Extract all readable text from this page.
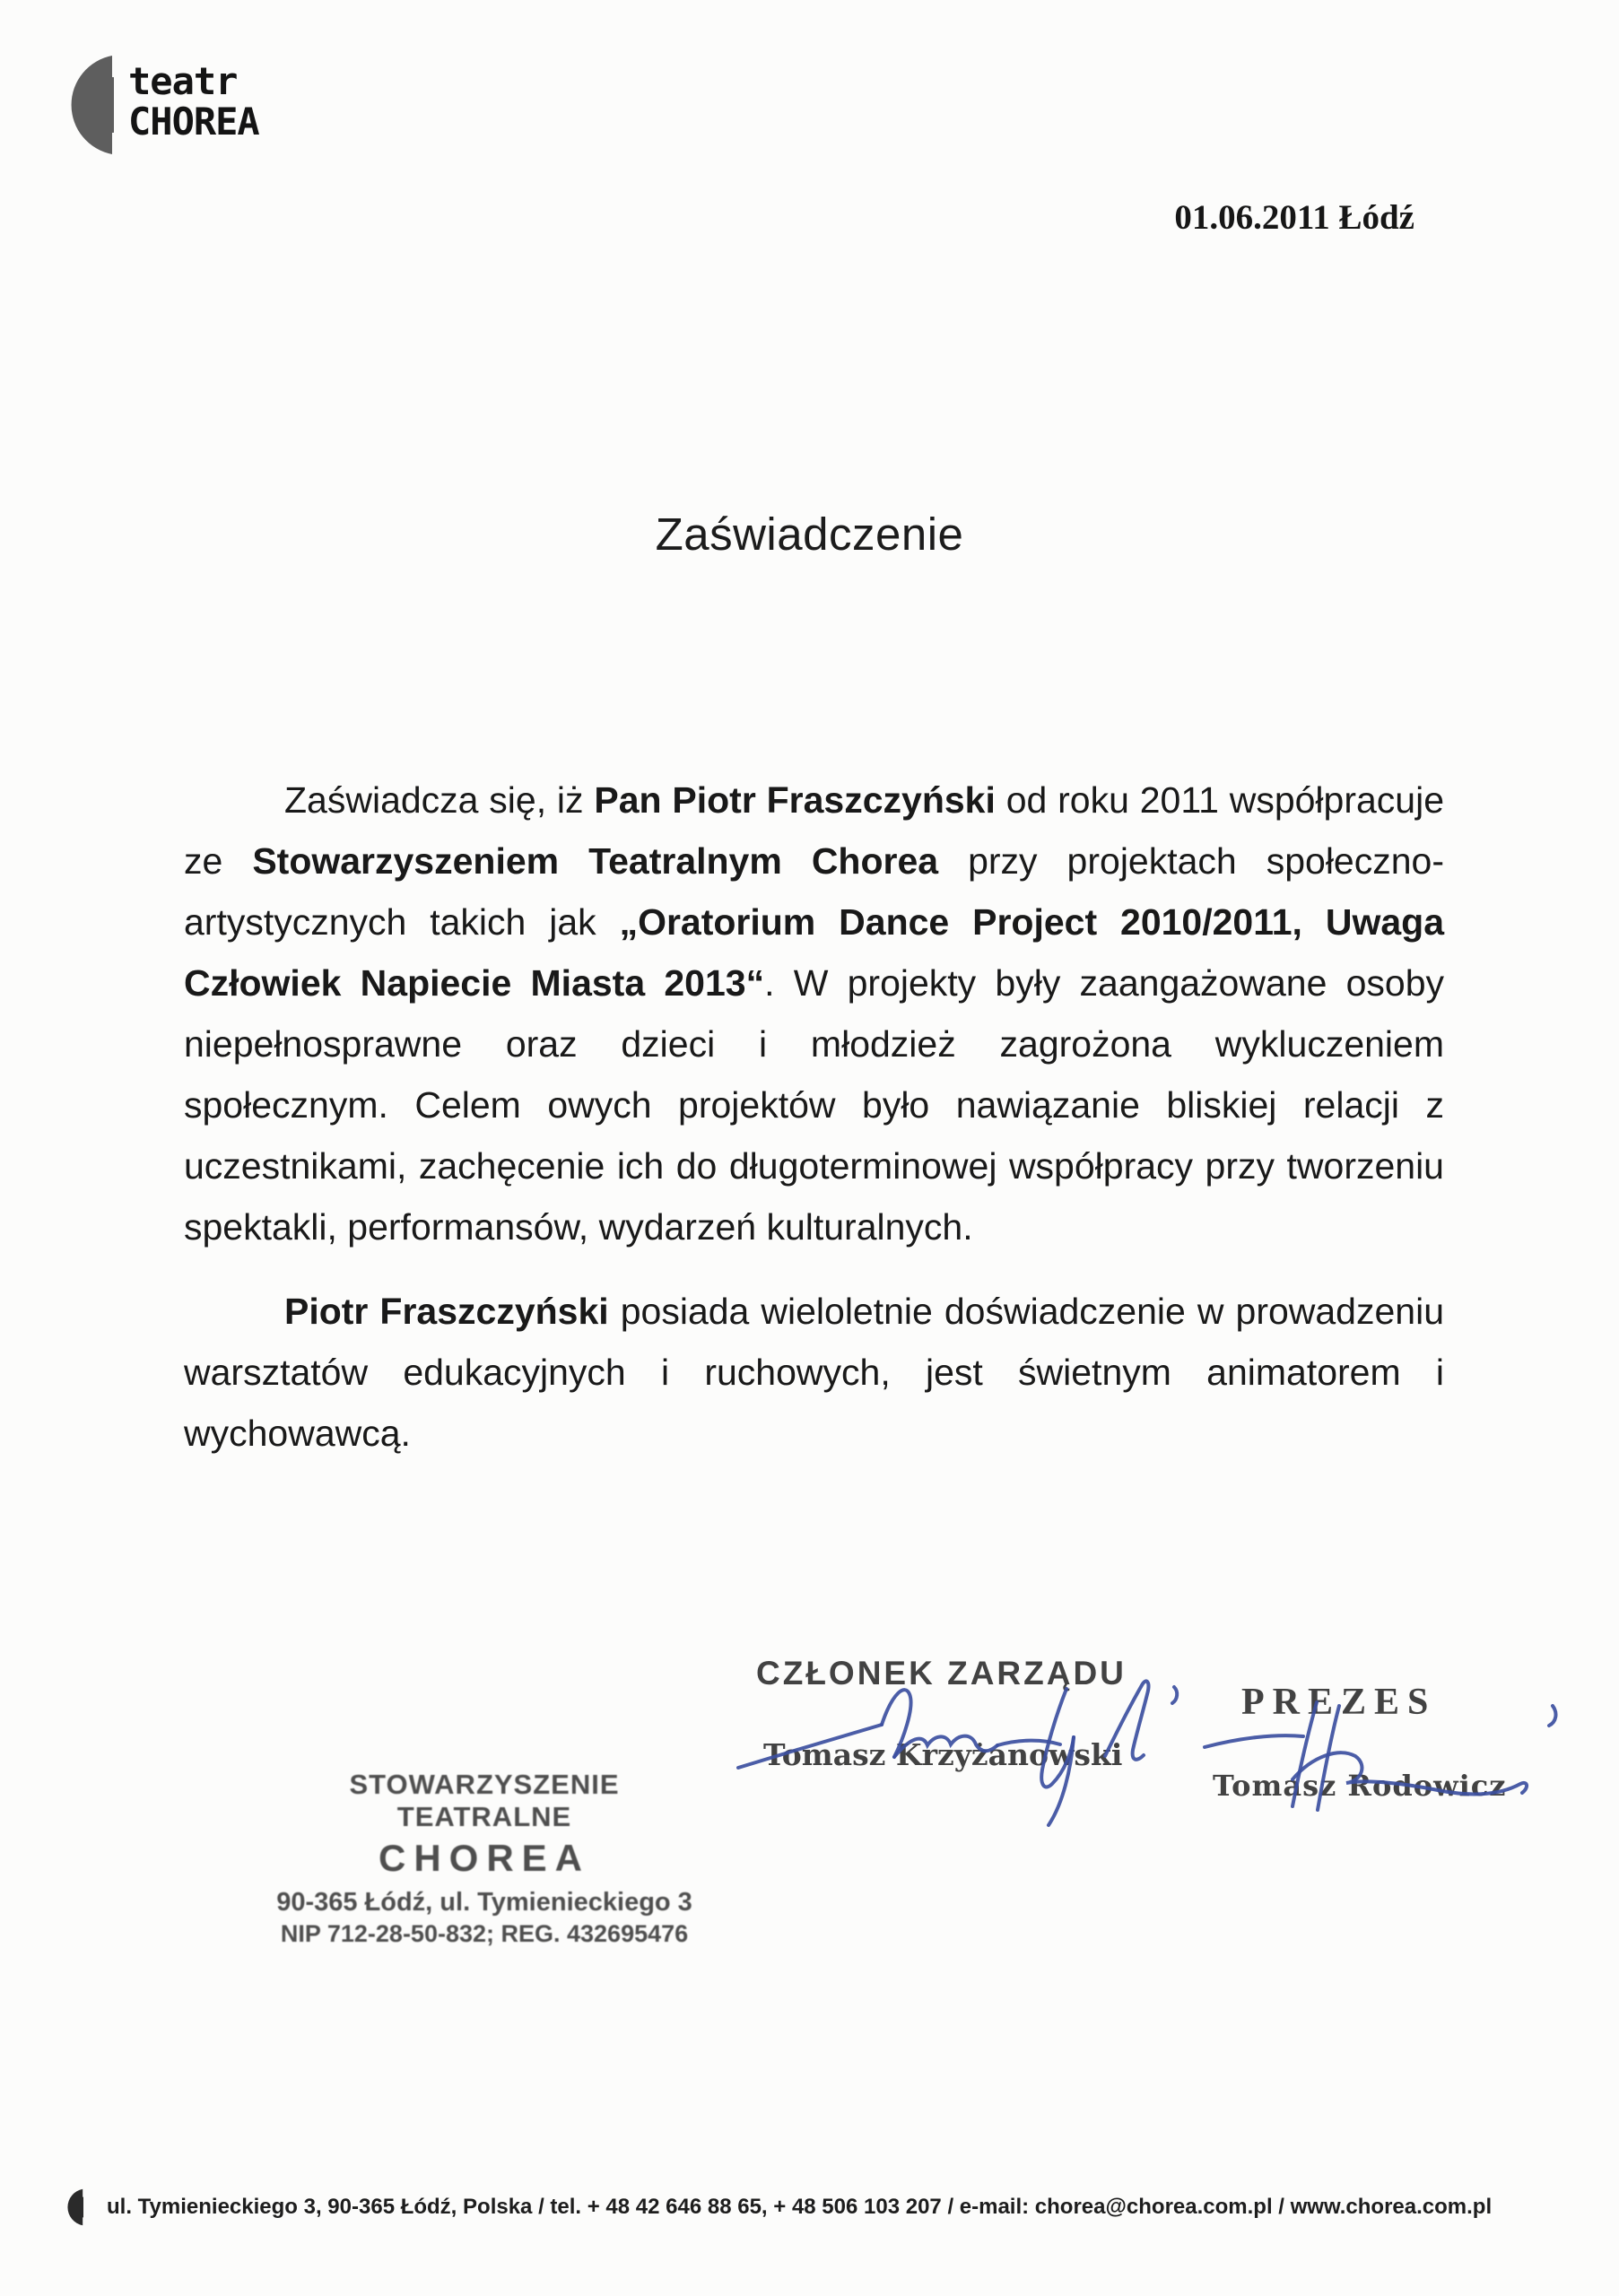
teatr
CHOREA
01.06.2011 Łódź
Zaświadczenie

Zaświadcza się, iż Pan Piotr Fraszczyński od roku 2011 współpracuje ze Stowarzyszeniem Teatralnym Chorea przy projektach społeczno-artystycznych takich jak „Oratorium Dance Project 2010/2011, Uwaga Człowiek Napiecie Miasta 2013“. W projekty były zaangażowane osoby niepełnosprawne oraz dzieci i młodzież zagrożona wykluczeniem społecznym. Celem owych projektów było nawiązanie bliskiej relacji z uczestnikami, zachęcenie ich do długoterminowej współpracy przy tworzeniu spektakli, performansów, wydarzeń kulturalnych.

Piotr Fraszczyński posiada wieloletnie doświadczenie w prowadzeniu warsztatów edukacyjnych i ruchowych, jest świetnym animatorem i wychowawcą.

CZŁONEK ZARZĄDU
Tomasz Krzyżanowski
PREZES
Tomasz Rodowicz
STOWARZYSZENIE TEATRALNE
CHOREA
90-365 Łódź, ul. Tymienieckiego 3
NIP 712-28-50-832; REG. 432695476
ul. Tymienieckiego 3, 90-365 Łódź, Polska / tel. + 48 42 646 88 65, + 48 506 103 207 / e-mail: chorea@chorea.com.pl / www.chorea.com.pl
